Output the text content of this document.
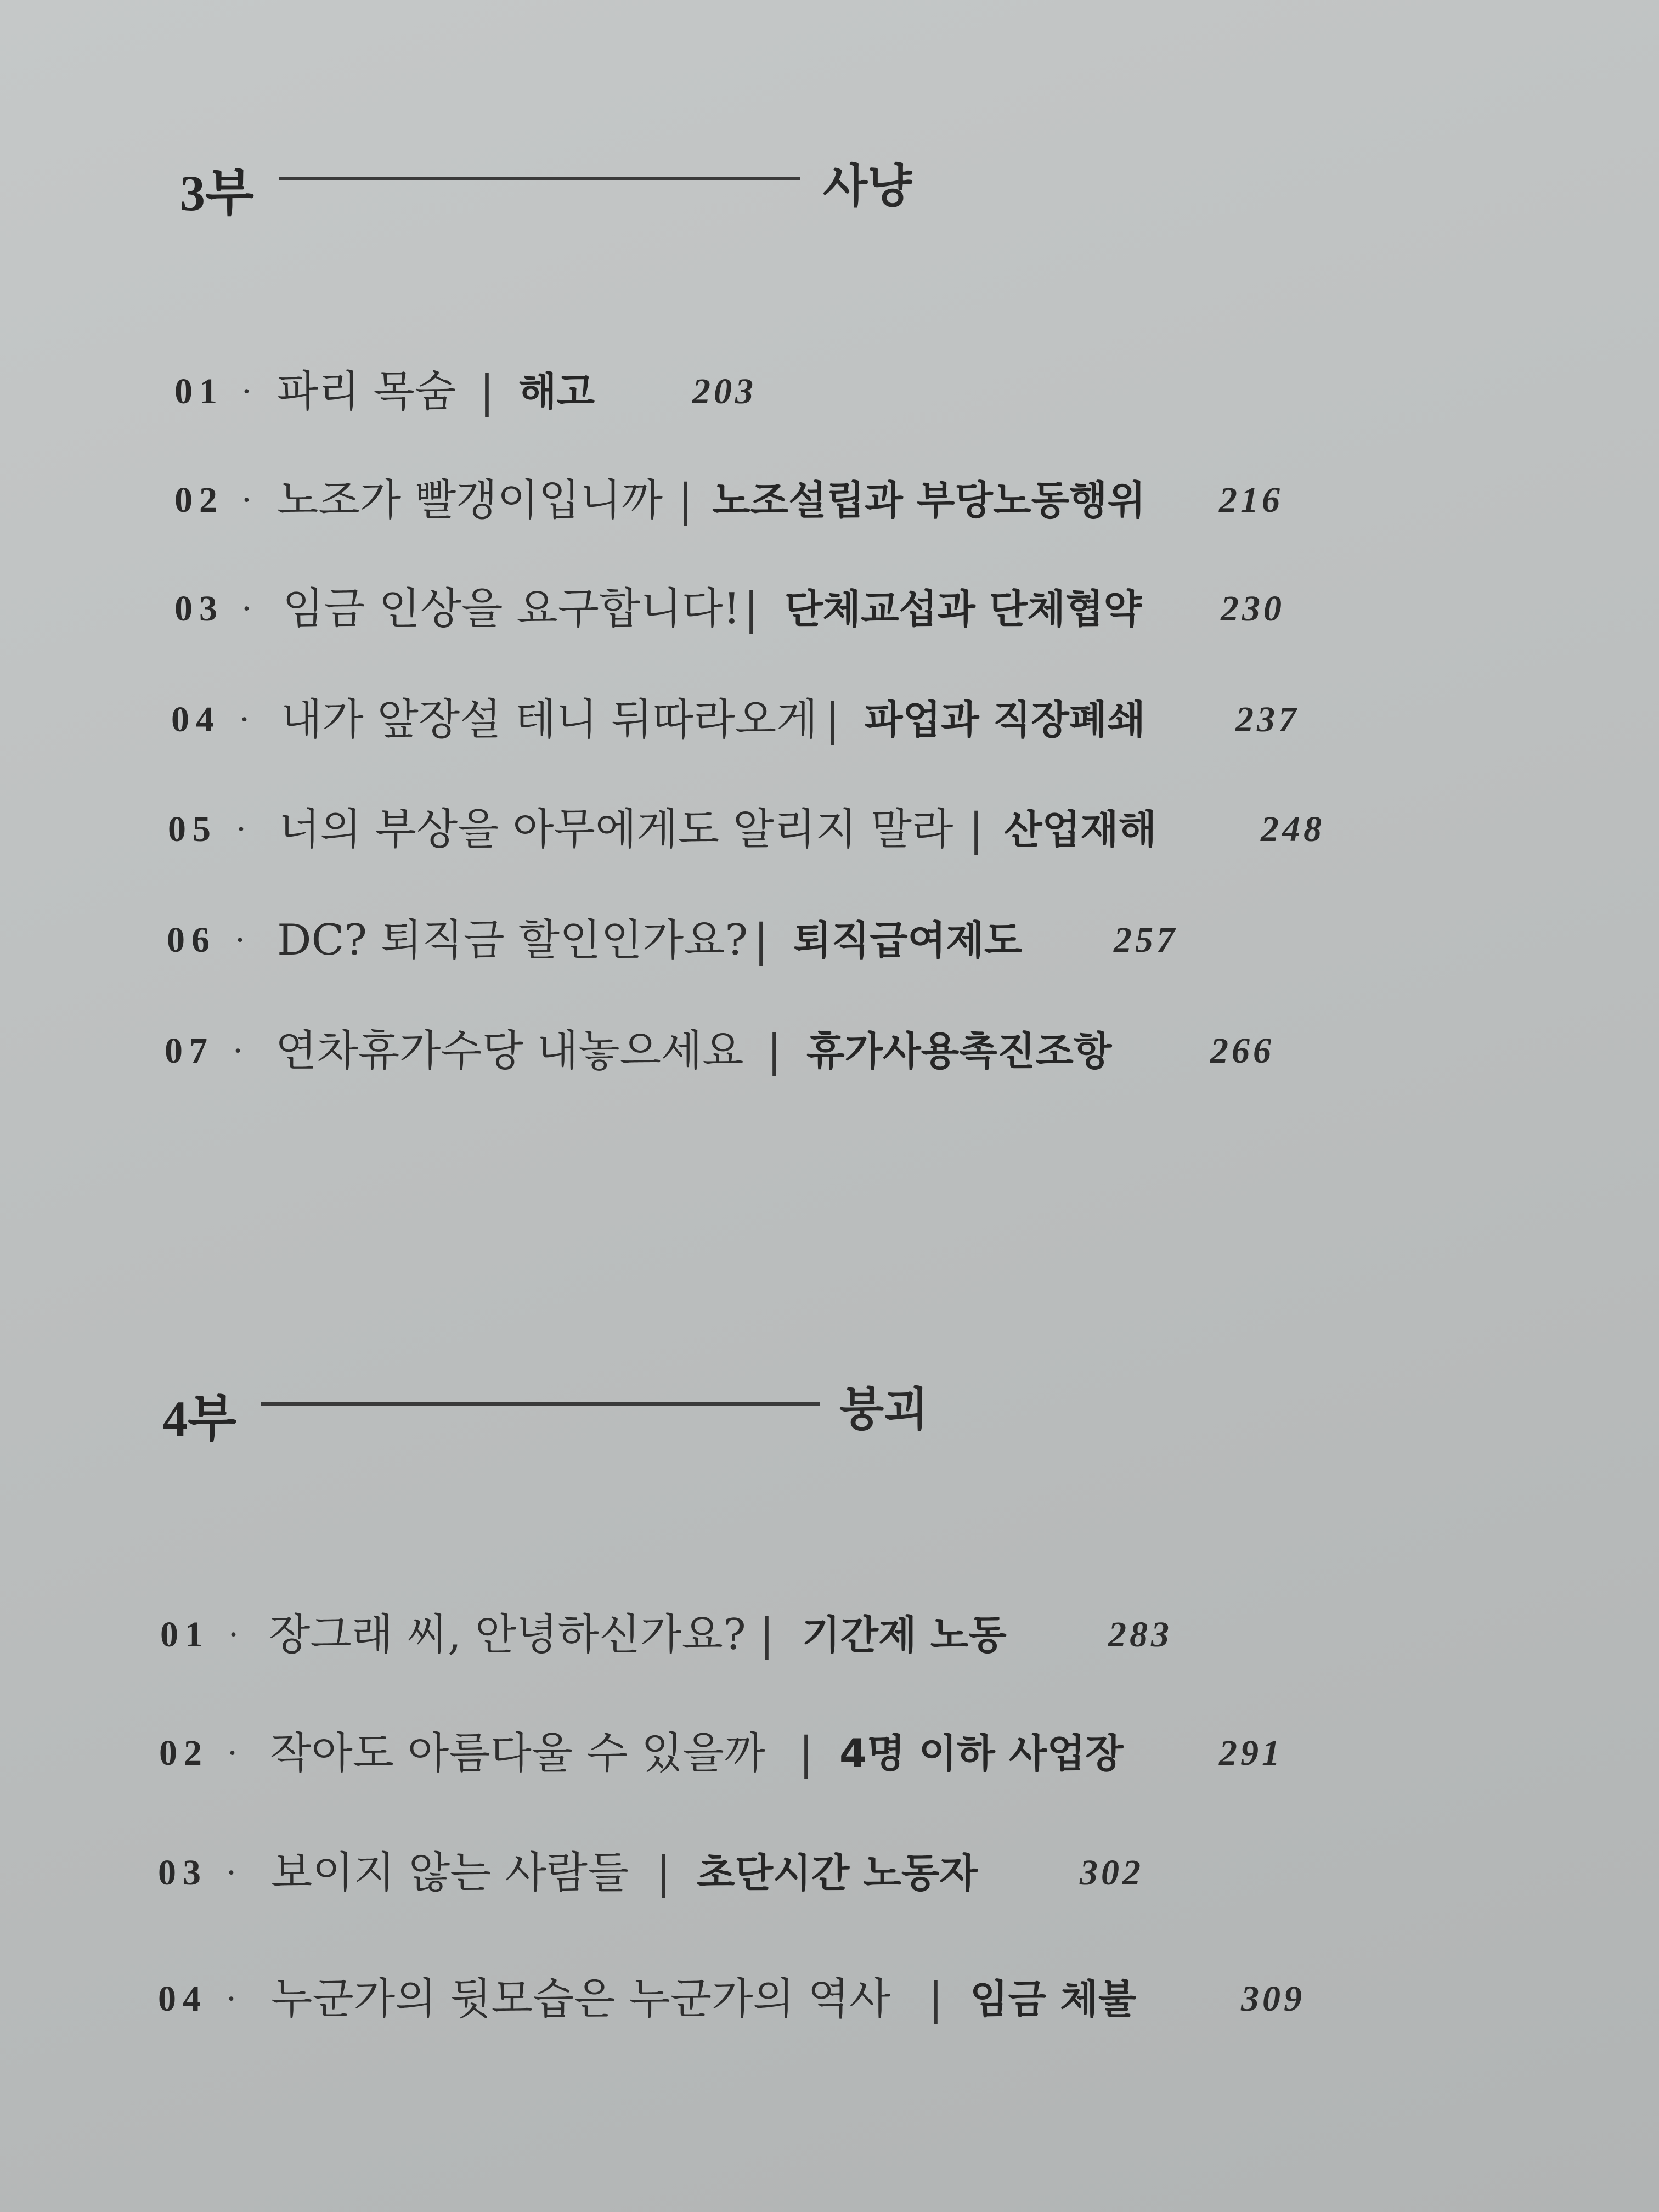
3부	사냥
01 · 파리 목숨 | 해고	203
02 · 노조가 빨갱이입니까 | 노조설립과 부당노동행위 216
03 · 임금 인상을 요구합니다! | 단체교섭과 단체협약 230
04 · 내가 앞장설 테니 뒤따라오게 | 파업과 직장폐쇄 237
05 · 너의 부상을 아무에게도 알리지 말라 | 산업재해	248
06 · DC? 퇴직금 할인인가요? | 퇴직급여제도	257
07 · 연차휴가수당 내놓으세요 | 휴가사용촉진조항	266
4부	붕괴
01 · 장그래 씨, 안녕하신가요? | 기간제 노동	283
02 · 작아도 아름다울 수 있을까 | 4명 이하 사업장	291
03 · 보이지 않는 사람들 | 초단시간 노동자	302
04 · 누군가의 뒷모습은 누군가의 역사 | 임금 체불	309
